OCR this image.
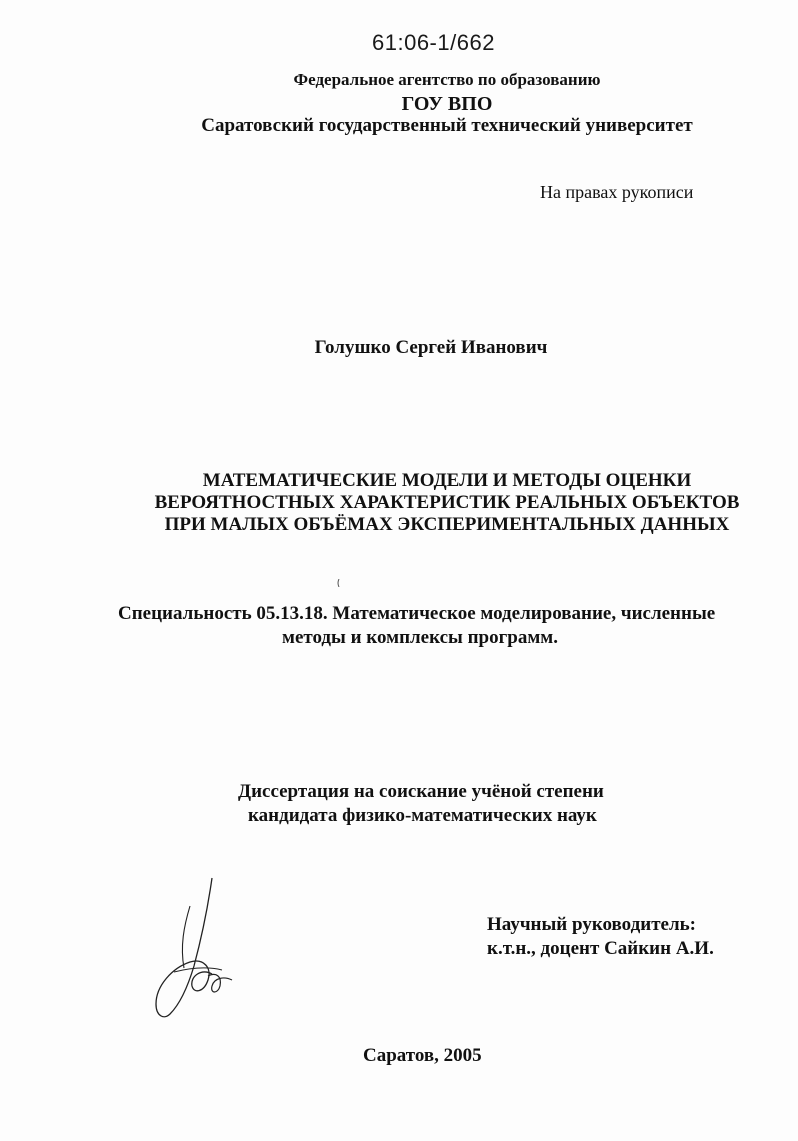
61:06-1/662
Федеральное агентство по образованию
ГОУ ВПО
Саратовский государственный технический университет
На правах рукописи
Голушко Сергей Иванович
МАТЕМАТИЧЕСКИЕ МОДЕЛИ И МЕТОДЫ ОЦЕНКИ
ВЕРОЯТНОСТНЫХ ХАРАКТЕРИСТИК РЕАЛЬНЫХ ОБЪЕКТОВ
ПРИ МАЛЫХ ОБЪЁМАХ ЭКСПЕРИМЕНТАЛЬНЫХ ДАННЫХ
Специальность 05.13.18. Математическое моделирование, численные
методы и комплексы программ.
Диссертация на соискание учёной степени
кандидата физико-математических наук
Научный руководитель:
к.т.н., доцент Сайкин А.И.
Саратов, 2005
